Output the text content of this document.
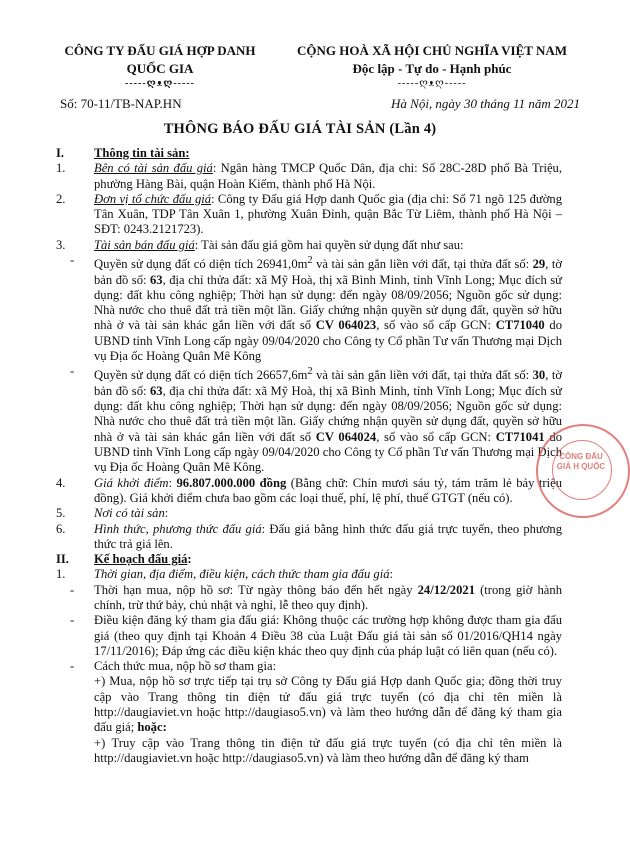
CÔNG TY ĐẤU GIÁ HỢP DANH
QUỐC GIA
-----ღᴥღ-----
CỘNG HOÀ XÃ HỘI CHỦ NGHĨA VIỆT NAM
Độc lập - Tự do - Hạnh phúc
-----ღᴥღ-----
Số: 70-11/TB-NAP.HN	Hà Nội, ngày 30 tháng 11 năm 2021
THÔNG BÁO ĐẤU GIÁ TÀI SẢN (Lần 4)
I.	Thông tin tài sản:
1.	Bên có tài sản đấu giá: Ngân hàng TMCP Quốc Dân, địa chỉ: Số 28C-28D phố Bà Triệu, phường Hàng Bài, quận Hoàn Kiếm, thành phố Hà Nội.
2.	Đơn vị tổ chức đấu giá: Công ty Đấu giá Hợp danh Quốc gia (địa chỉ: Số 71 ngõ 125 đường Tân Xuân, TDP Tân Xuân 1, phường Xuân Đỉnh, quận Bắc Từ Liêm, thành phố Hà Nội – SĐT: 0243.2121723).
3.	Tài sản bán đấu giá: Tài sản đấu giá gồm hai quyền sử dụng đất như sau:
- Quyền sử dụng đất có diện tích $26941,0m^2$ và tài sản gắn liền với đất, tại thửa đất số: 29, tờ bản đồ số: 63, địa chỉ thửa đất: xã Mỹ Hoà, thị xã Bình Minh, tỉnh Vĩnh Long; Mục đích sử dụng: đất khu công nghiệp; Thời hạn sử dụng: đến ngày 08/09/2056; Nguồn gốc sử dụng: Nhà nước cho thuê đất trả tiền một lần. Giấy chứng nhận quyền sử dụng đất, quyền sở hữu nhà ở và tài sản khác gắn liền với đất số CV 064023, số vào sổ cấp GCN: CT71040 do UBND tỉnh Vĩnh Long cấp ngày 09/04/2020 cho Công ty Cổ phần Tư vấn Thương mại Dịch vụ Địa ốc Hoàng Quân Mê Kông
- Quyền sử dụng đất có diện tích $26657,6m^2$ và tài sản gắn liền với đất, tại thửa đất số: 30, tờ bản đồ số: 63, địa chỉ thửa đất: xã Mỹ Hoà, thị xã Bình Minh, tỉnh Vĩnh Long; Mục đích sử dụng: đất khu công nghiệp; Thời hạn sử dụng: đến ngày 08/09/2056; Nguồn gốc sử dụng: Nhà nước cho thuê đất trả tiền một lần. Giấy chứng nhận quyền sử dụng đất, quyền sở hữu nhà ở và tài sản khác gắn liền với đất số CV 064024, số vào sổ cấp GCN: CT71041 do UBND tỉnh Vĩnh Long cấp ngày 09/04/2020 cho Công ty Cổ phần Tư vấn Thương mại Dịch vụ Địa ốc Hoàng Quân Mê Kông.
4.	Giá khởi điểm: 96.807.000.000 đồng (Bằng chữ: Chín mươi sáu tỷ, tám trăm lẻ bảy triệu đồng). Giá khởi điểm chưa bao gồm các loại thuế, phí, lệ phí, thuế GTGT (nếu có).
5.	Nơi có tài sản:
6.	Hình thức, phương thức đấu giá: Đấu giá bằng hình thức đấu giá trực tuyến, theo phương thức trả giá lên.
II.	Kế hoạch đấu giá:
1.	Thời gian, địa điểm, điều kiện, cách thức tham gia đấu giá:
- Thời hạn mua, nộp hồ sơ: Từ ngày thông báo đến hết ngày 24/12/2021 (trong giờ hành chính, trừ thứ bảy, chủ nhật và nghỉ, lễ theo quy định).
- Điều kiện đăng ký tham gia đấu giá: Không thuộc các trường hợp không được tham gia đấu giá (theo quy định tại Khoản 4 Điều 38 của Luật Đấu giá tài sản số 01/2016/QH14 ngày 17/11/2016); Đáp ứng các điều kiện khác theo quy định của pháp luật có liên quan (nếu có).
- Cách thức mua, nộp hồ sơ tham gia:
+) Mua, nộp hồ sơ trực tiếp tại trụ sở Công ty Đấu giá Hợp danh Quốc gia; đồng thời truy cập vào Trang thông tin điện tử đấu giá trực tuyến (có địa chỉ tên miền là http://daugiaviet.vn hoặc http://daugiaso5.vn) và làm theo hướng dẫn để đăng ký tham gia đấu giá; hoặc:
+) Truy cập vào Trang thông tin điện tử đấu giá trực tuyến (có địa chỉ tên miền là http://daugiaviet.vn hoặc http://daugiaso5.vn) và làm theo hướng dẫn để đăng ký tham
CÔNG ĐẤU GIÁ H QUỐC
